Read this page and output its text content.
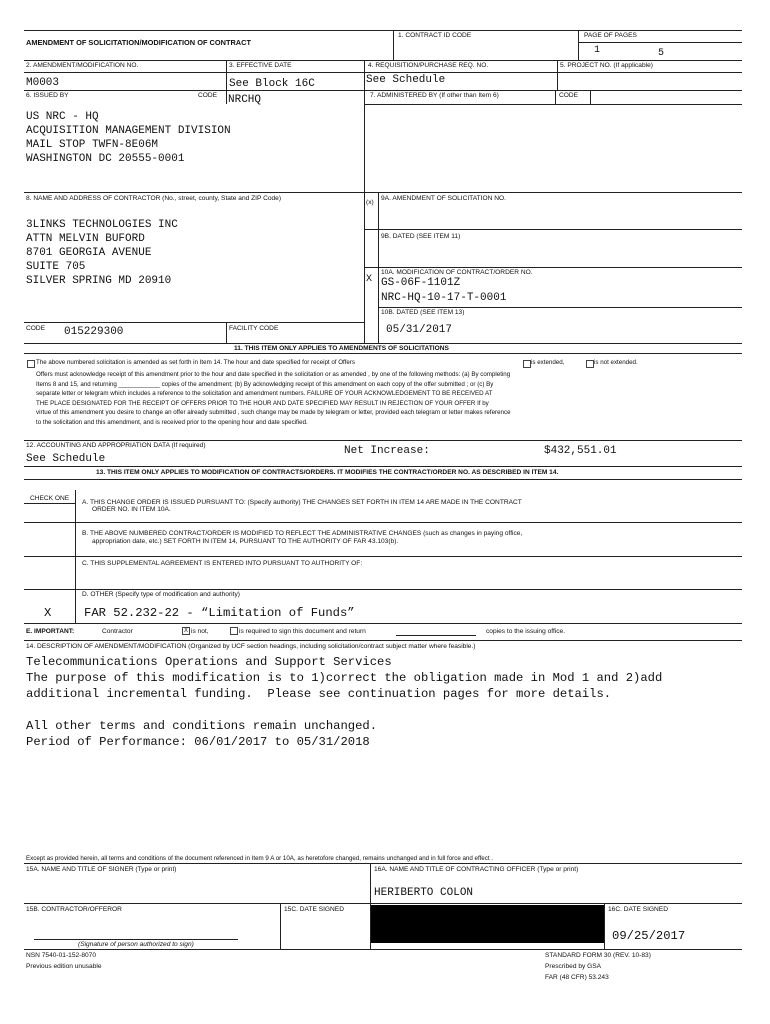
AMENDMENT OF SOLICITATION/MODIFICATION OF CONTRACT
1. CONTRACT ID CODE	PAGE OF PAGES
1	5
2. AMENDMENT/MODIFICATION NO.
M0003
3. EFFECTIVE DATE
See Block 16C
4. REQUISITION/PURCHASE REQ. NO.
See Schedule
5. PROJECT NO. (If applicable)
6. ISSUED BY	CODE NRCHQ	7. ADMINISTERED BY (If other than Item 6)	CODE
US NRC - HQ
ACQUISITION MANAGEMENT DIVISION
MAIL STOP TWFN-8E06M
WASHINGTON DC 20555-0001
8. NAME AND ADDRESS OF CONTRACTOR (No., street, county, State and ZIP Code)
3LINKS TECHNOLOGIES INC
ATTN MELVIN BUFORD
8701 GEORGIA AVENUE
SUITE 705
SILVER SPRING MD 20910
(x)
9A. AMENDMENT OF SOLICITATION NO.
9B. DATED (SEE ITEM 11)
X
10A. MODIFICATION OF CONTRACT/ORDER NO.
GS-06F-1101Z
NRC-HQ-10-17-T-0001
10B. DATED (SEE ITEM 13)
05/31/2017
CODE 015229300	FACILITY CODE
11. THIS ITEM ONLY APPLIES TO AMENDMENTS OF SOLICITATIONS
The above numbered solicitation is amended as set forth in Item 14. The hour and date specified for receipt of Offers	is extended,	is not extended.
Offers must acknowledge receipt of this amendment prior to the hour and date specified in the solicitation or as amended , by one of the following methods: (a) By completing
Items 8 and 15, and returning ____________ copies of the amendment; (b) By acknowledging receipt of this amendment on each copy of the offer submitted ; or (c) By
separate letter or telegram which includes a reference to the solicitation and amendment numbers. FAILURE OF YOUR ACKNOWLEDGEMENT TO BE RECEIVED AT
THE PLACE DESIGNATED FOR THE RECEIPT OF OFFERS PRIOR TO THE HOUR AND DATE SPECIFIED MAY RESULT IN REJECTION OF YOUR OFFER If by
virtue of this amendment you desire to change an offer already submitted , such change may be made by telegram or letter, provided each telegram or letter makes reference
to the solicitation and this amendment, and is received prior to the opening hour and date specified.
12. ACCOUNTING AND APPROPRIATION DATA (If required)
See Schedule
Net Increase:	$432,551.01
13. THIS ITEM ONLY APPLIES TO MODIFICATION OF CONTRACTS/ORDERS. IT MODIFIES THE CONTRACT/ORDER NO. AS DESCRIBED IN ITEM 14.
CHECK ONE
A. THIS CHANGE ORDER IS ISSUED PURSUANT TO: (Specify authority) THE CHANGES SET FORTH IN ITEM 14 ARE MADE IN THE CONTRACT
ORDER NO. IN ITEM 10A.
B. THE ABOVE NUMBERED CONTRACT/ORDER IS MODIFIED TO REFLECT THE ADMINISTRATIVE CHANGES (such as changes in paying office,
appropriation date, etc.) SET FORTH IN ITEM 14, PURSUANT TO THE AUTHORITY OF FAR 43.103(b).
C. THIS SUPPLEMENTAL AGREEMENT IS ENTERED INTO PURSUANT TO AUTHORITY OF:
D. OTHER (Specify type of modification and authority)
X	FAR 52.232-22 - “Limitation of Funds”
E. IMPORTANT:	Contractor	X is not,	is required to sign this document and return	copies to the issuing office.
14. DESCRIPTION OF AMENDMENT/MODIFICATION (Organized by UCF section headings, including solicitation/contract subject matter where feasible.)
Telecommunications Operations and Support Services
The purpose of this modification is to 1)correct the obligation made in Mod 1 and 2)add
additional incremental funding.  Please see continuation pages for more details.
All other terms and conditions remain unchanged.
Period of Performance: 06/01/2017 to 05/31/2018
Except as provided herein, all terms and conditions of the document referenced in Item 9 A or 10A, as heretofore changed, remains unchanged and in full force and effect .
15A. NAME AND TITLE OF SIGNER (Type or print)	16A. NAME AND TITLE OF CONTRACTING OFFICER (Type or print)
HERIBERTO COLON
15B. CONTRACTOR/OFFEROR	15C. DATE SIGNED	16C. DATE SIGNED
09/25/2017
(Signature of person authorized to sign)
NSN 7540-01-152-8070
Previous edition unusable
STANDARD FORM 30 (REV. 10-83)
Prescribed by GSA
FAR (48 CFR) 53.243
